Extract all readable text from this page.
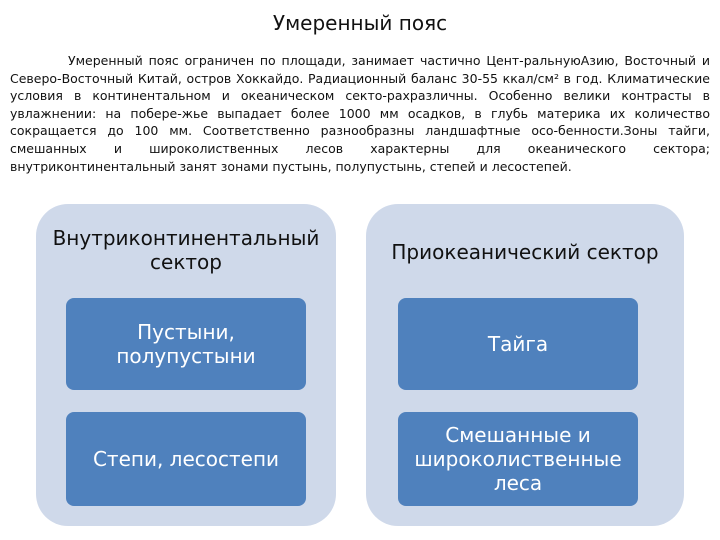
Умеренный пояс

Умеренный пояс ограничен по площади, занимает частично Цент-ральнуюАзию, Восточный и Северо-Восточный Китай, остров Хоккайдо. Радиационный баланс 30-55 ккал/см² в год. Климатические условия в континентальном и океаническом секто-рахразличны. Особенно велики контрасты в увлажнении: на побере-жье выпадает более 1000 мм осадков, в глубь материка их количество сокращается до 100 мм. Соответственно разнообразны ландшафтные осо-бенности.Зоны тайги, смешанных и широколиственных лесов характерны для океанического сектора; внутриконтинентальный занят зонами пустынь, полупустынь, степей и лесостепей.

Внутриконтинентальный сектор
Пустыни, полупустыни
Степи, лесостепи
Приокеанический сектор
Тайга
Смешанные и широколиственные леса
